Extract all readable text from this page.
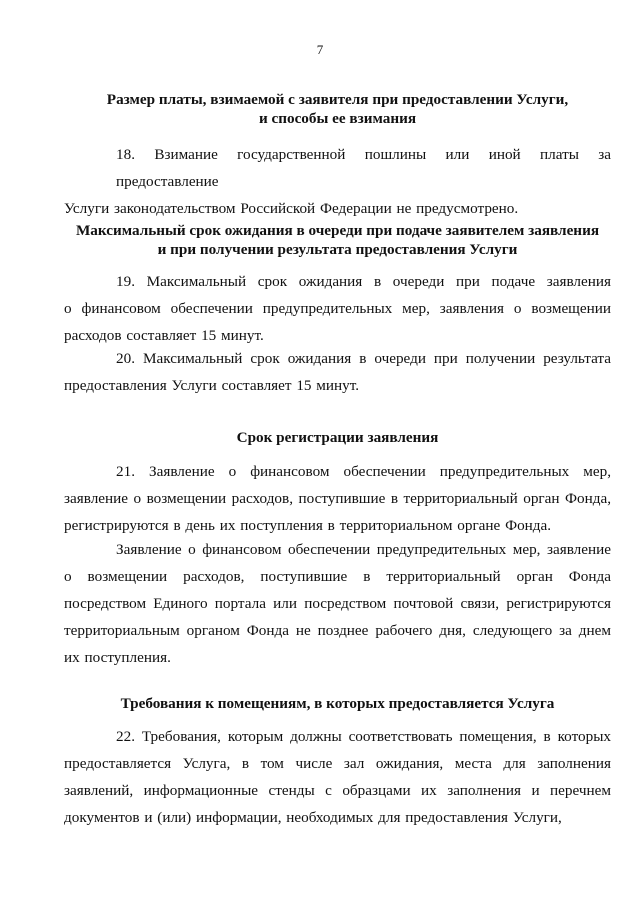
7
Размер платы, взимаемой с заявителя при предоставлении Услуги,
и способы ее взимания
18. Взимание государственной пошлины или иной платы за предоставление
Услуги законодательством Российской Федерации не предусмотрено.
Максимальный срок ожидания в очереди при подаче заявителем заявления
и при получении результата предоставления Услуги
19. Максимальный срок ожидания в очереди при подаче заявления
о финансовом обеспечении предупредительных мер, заявления о возмещении
расходов составляет 15 минут.
20. Максимальный срок ожидания в очереди при получении результата
предоставления Услуги составляет 15 минут.
Срок регистрации заявления
21. Заявление о финансовом обеспечении предупредительных мер,
заявление о возмещении расходов, поступившие в территориальный орган Фонда,
регистрируются в день их поступления в территориальном органе Фонда.
Заявление о финансовом обеспечении предупредительных мер, заявление
о возмещении расходов, поступившие в территориальный орган Фонда
посредством Единого портала или посредством почтовой связи, регистрируются
территориальным органом Фонда не позднее рабочего дня, следующего за днем
их поступления.
Требования к помещениям, в которых предоставляется Услуга
22. Требования, которым должны соответствовать помещения, в которых
предоставляется Услуга, в том числе зал ожидания, места для заполнения
заявлений, информационные стенды с образцами их заполнения и перечнем
документов и (или) информации, необходимых для предоставления Услуги,
